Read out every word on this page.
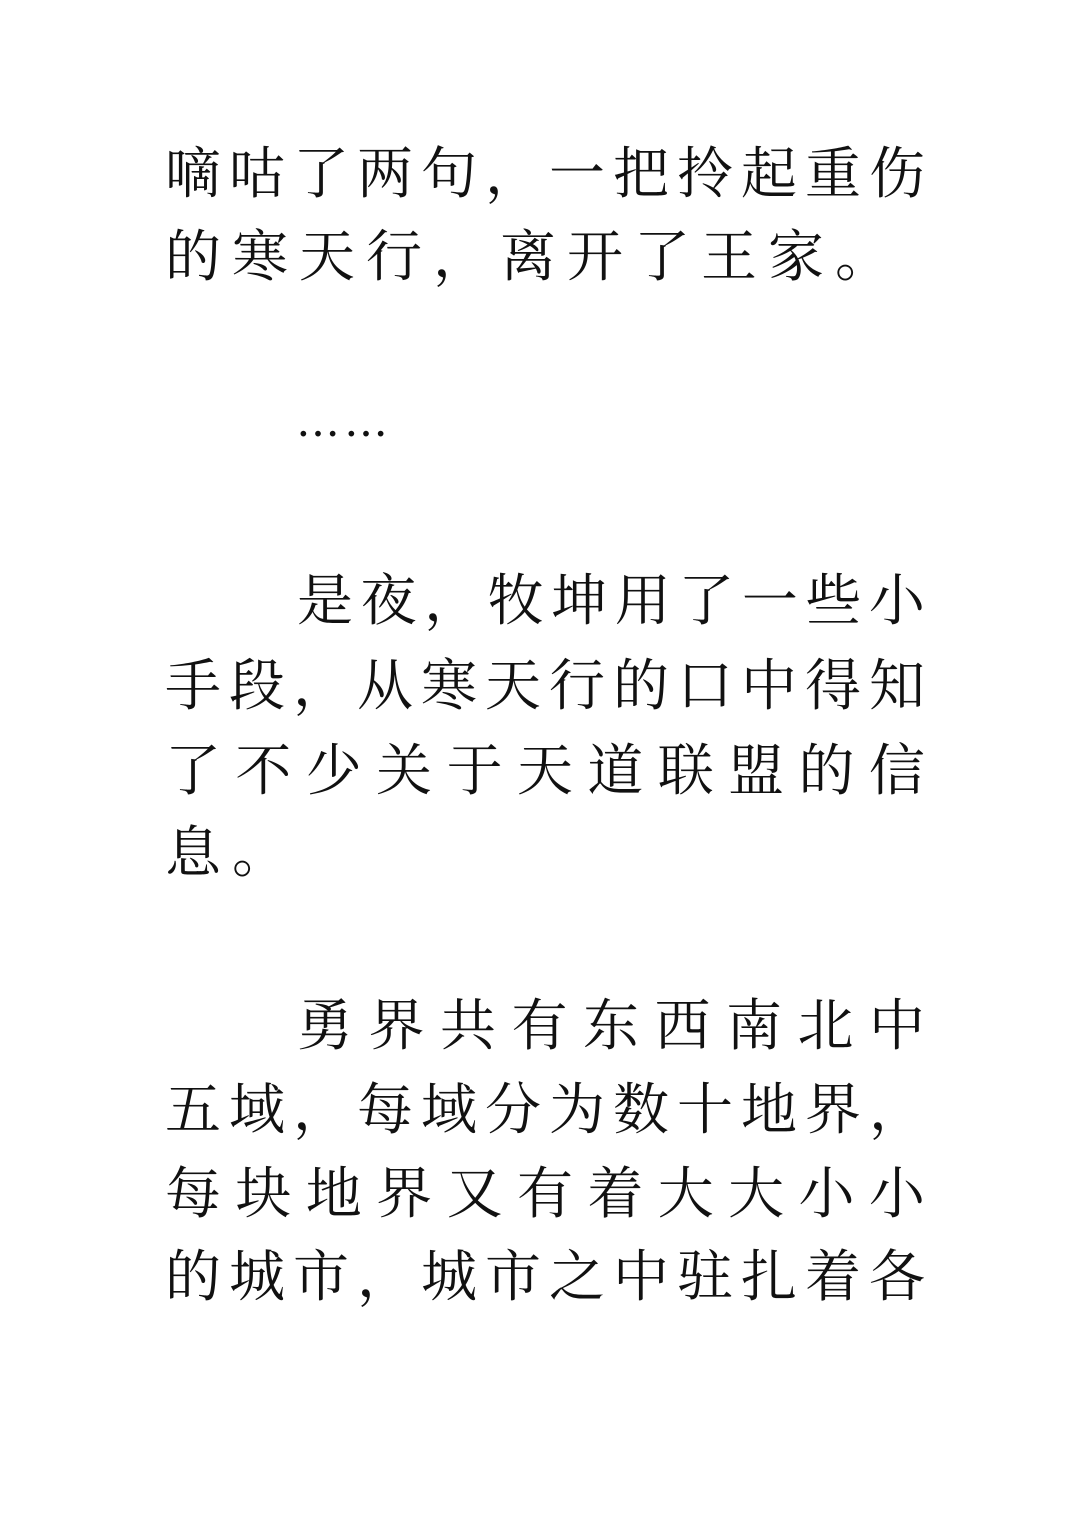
嘀 咕 了 两 句 ， 一 把 拎 起 重 伤
的 寒 天 行 ， 离 开 了 王 家 。
……
是 夜 ， 牧 坤 用 了 一 些 小
手 段 ， 从 寒 天 行 的 口 中 得 知
了 不 少 关 于 天 道 联 盟 的 信
息 。
勇 界 共 有 东 西 南 北 中
五 域 ， 每 域 分 为 数 十 地 界 ，
每 块 地 界 又 有 着 大 大 小 小
的 城 市 ， 城 市 之 中 驻 扎 着 各
